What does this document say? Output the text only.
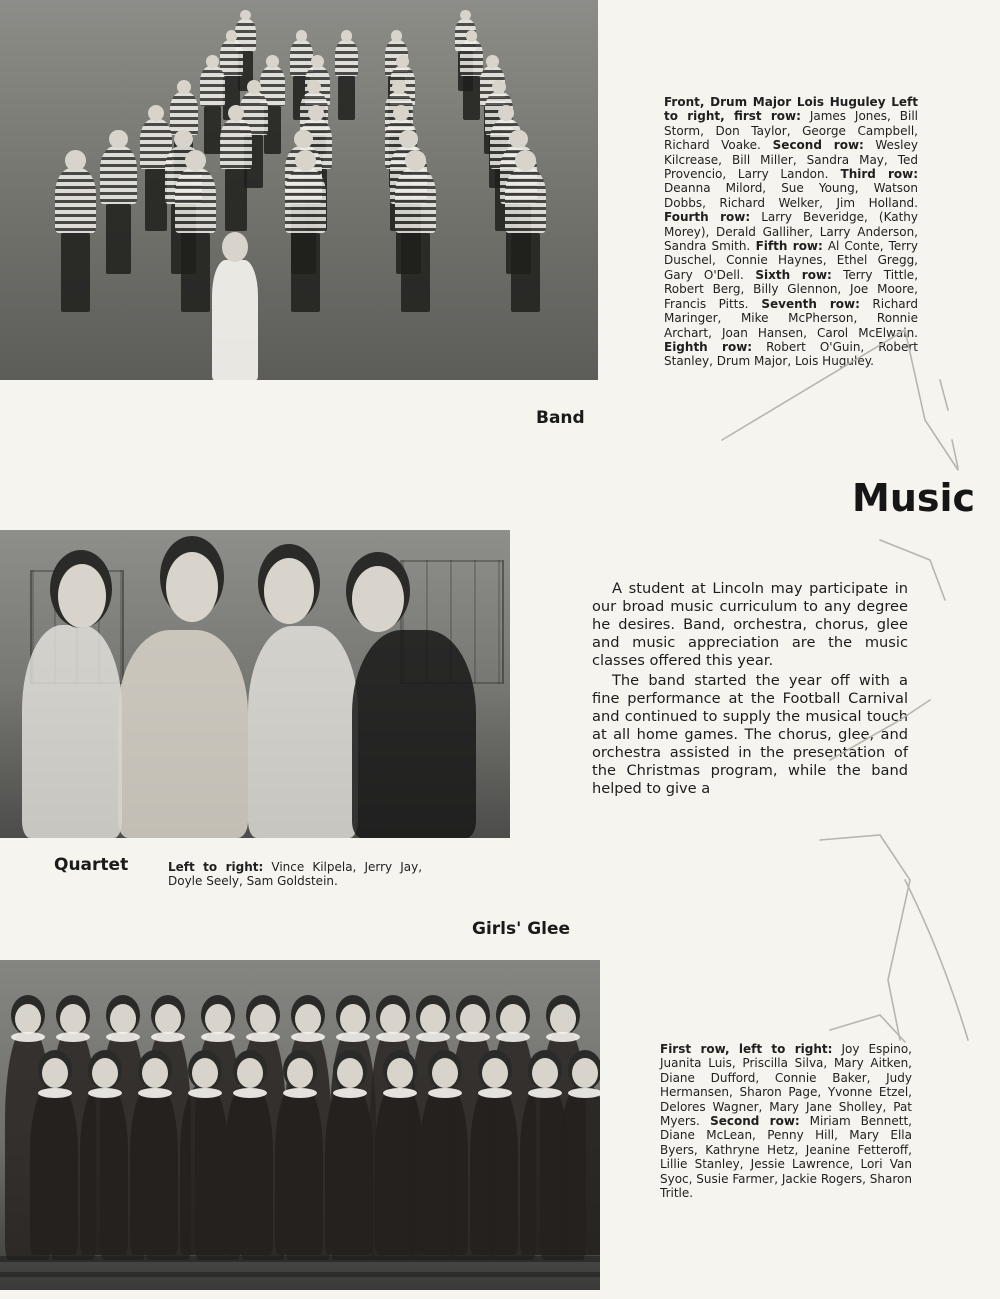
Front, Drum Major Lois Huguley Left to right, first row: James Jones, Bill Storm, Don Taylor, George Campbell, Richard Voake. Second row: Wesley Kilcrease, Bill Miller, Sandra May, Ted Provencio, Larry Landon. Third row: Deanna Milord, Sue Young, Watson Dobbs, Richard Welker, Jim Holland. Fourth row: Larry Beveridge, (Kathy Morey), Derald Galliher, Larry Anderson, Sandra Smith. Fifth row: Al Conte, Terry Duschel, Connie Haynes, Ethel Gregg, Gary O'Dell. Sixth row: Terry Tittle, Robert Berg, Billy Glennon, Joe Moore, Francis Pitts. Seventh row: Richard Maringer, Mike McPherson, Ronnie Archart, Joan Hansen, Carol McElwain. Eighth row: Robert O'Guin, Robert Stanley, Drum Major, Lois Huguley.
Band
Music
Quartet	Left to right: Vince Kilpela, Jerry Jay, Doyle Seely, Sam Goldstein.

A student at Lincoln may participate in our broad music curriculum to any degree he desires. Band, orchestra, chorus, glee and music appreciation are the music classes offered this year.

The band started the year off with a fine performance at the Football Carnival and continued to supply the musical touch at all home games. The chorus, glee, and orchestra assisted in the presentation of the Christmas program, while the band helped to give a

Girls' Glee
First row, left to right: Joy Espino, Juanita Luis, Priscilla Silva, Mary Aitken, Diane Dufford, Connie Baker, Judy Hermansen, Sharon Page, Yvonne Etzel, Delores Wagner, Mary Jane Sholley, Pat Myers. Second row: Miriam Bennett, Diane McLean, Penny Hill, Mary Ella Byers, Kathryne Hetz, Jeanine Fetteroff, Lillie Stanley, Jessie Lawrence, Lori Van Syoc, Susie Farmer, Jackie Rogers, Sharon Tritle.
